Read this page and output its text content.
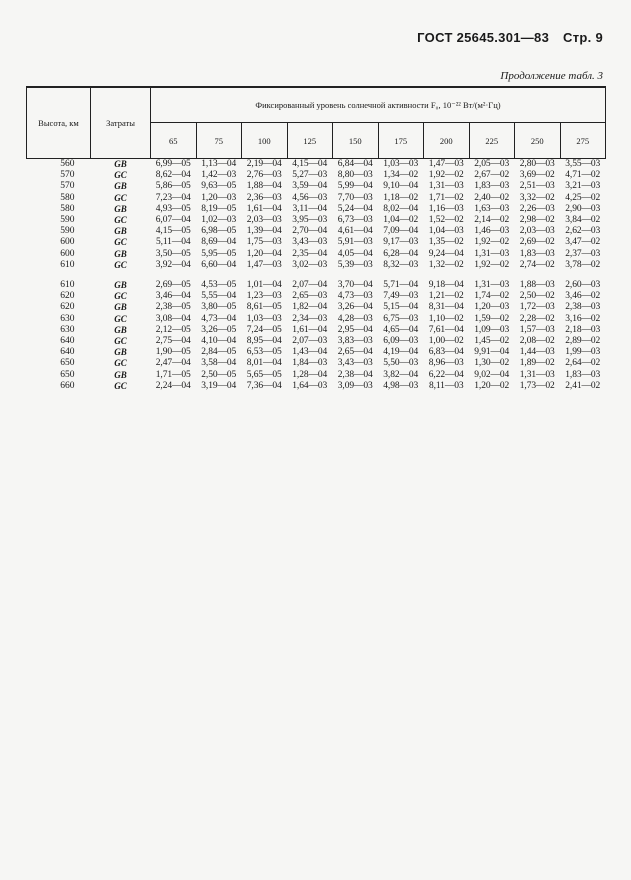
ГОСТ 25645.301—83 Стр. 9
Продолжение табл. 3
Высота, км	Затраты	Фиксированный уровень солнечной активности F₀, 10⁻²² Вт/(м²·Гц)									
		65	75	100	125	150	175	200	225	250	275
560	GB	6,99—05	1,13—04	2,19—04	4,15—04	6,84—04	1,03—03	1,47—03	2,05—03	2,80—03	3,55—03
570	GC	8,62—04	1,42—03	2,76—03	5,27—03	8,80—03	1,34—02	1,92—02	2,67—02	3,69—02	4,71—02
570	GB	5,86—05	9,63—05	1,88—04	3,59—04	5,99—04	9,10—04	1,31—03	1,83—03	2,51—03	3,21—03
580	GC	7,23—04	1,20—03	2,36—03	4,56—03	7,70—03	1,18—02	1,71—02	2,40—02	3,32—02	4,25—02
580	GB	4,93—05	8,19—05	1,61—04	3,11—04	5,24—04	8,02—04	1,16—03	1,63—03	2,26—03	2,90—03
590	GC	6,07—04	1,02—03	2,03—03	3,95—03	6,73—03	1,04—02	1,52—02	2,14—02	2,98—02	3,84—02
590	GB	4,15—05	6,98—05	1,39—04	2,70—04	4,61—04	7,09—04	1,04—03	1,46—03	2,03—03	2,62—03
600	GC	5,11—04	8,69—04	1,75—03	3,43—03	5,91—03	9,17—03	1,35—02	1,92—02	2,69—02	3,47—02
600	GB	3,50—05	5,95—05	1,20—04	2,35—04	4,05—04	6,28—04	9,24—04	1,31—03	1,83—03	2,37—03
610	GC	3,92—04	6,60—04	1,47—03	3,02—03	5,39—03	8,32—03	1,32—02	1,92—02	2,74—02	3,78—02

610	GB	2,69—05	4,53—05	1,01—04	2,07—04	3,70—04	5,71—04	9,18—04	1,31—03	1,88—03	2,60—03
620	GC	3,46—04	5,55—04	1,23—03	2,65—03	4,73—03	7,49—03	1,21—02	1,74—02	2,50—02	3,46—02
620	GB	2,38—05	3,80—05	8,61—05	1,82—04	3,26—04	5,15—04	8,31—04	1,20—03	1,72—03	2,38—03
630	GC	3,08—04	4,73—04	1,03—03	2,34—03	4,28—03	6,75—03	1,10—02	1,59—02	2,28—02	3,16—02
630	GB	2,12—05	3,26—05	7,24—05	1,61—04	2,95—04	4,65—04	7,61—04	1,09—03	1,57—03	2,18—03
640	GC	2,75—04	4,10—04	8,95—04	2,07—03	3,83—03	6,09—03	1,00—02	1,45—02	2,08—02	2,89—02
640	GB	1,90—05	2,84—05	6,53—05	1,43—04	2,65—04	4,19—04	6,83—04	9,91—04	1,44—03	1,99—03
650	GC	2,47—04	3,58—04	8,01—04	1,84—03	3,43—03	5,50—03	8,96—03	1,30—02	1,89—02	2,64—02
650	GB	1,71—05	2,50—05	5,65—05	1,28—04	2,38—04	3,82—04	6,22—04	9,02—04	1,31—03	1,83—03
660	GC	2,24—04	3,19—04	7,36—04	1,64—03	3,09—03	4,98—03	8,11—03	1,20—02	1,73—02	2,41—02
